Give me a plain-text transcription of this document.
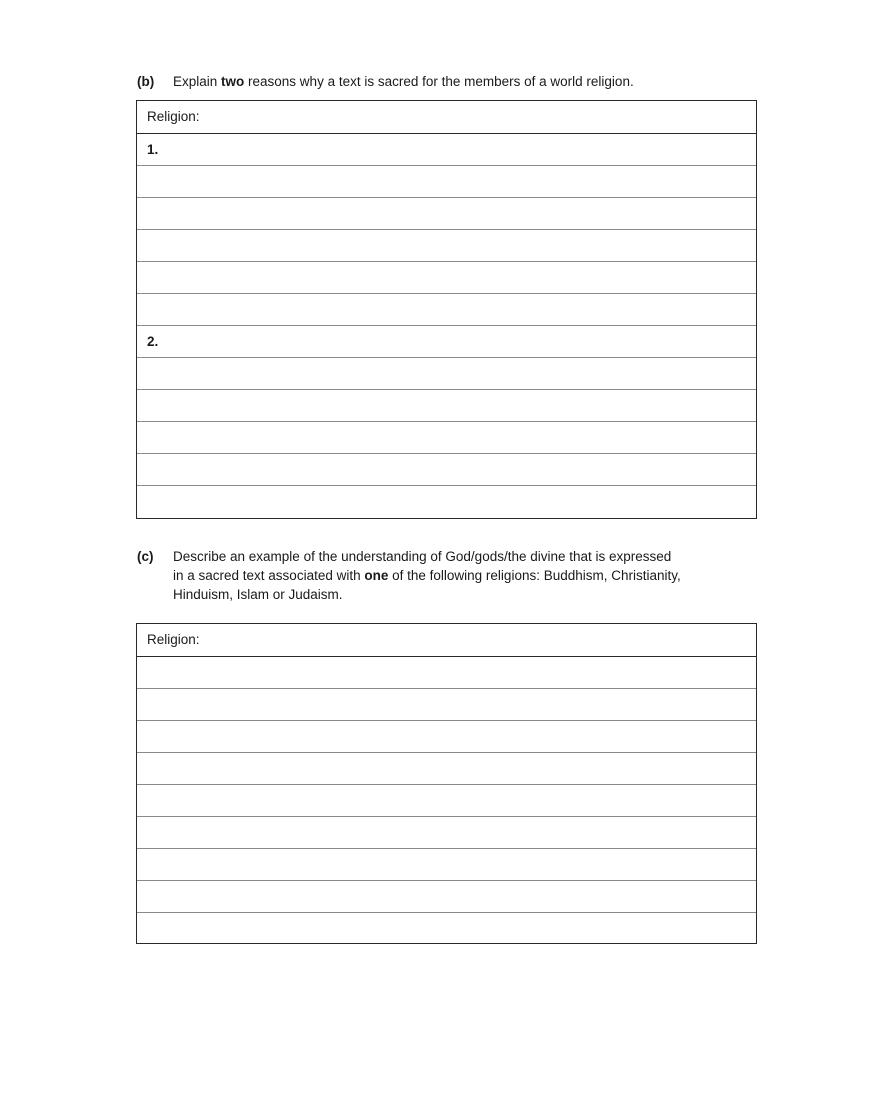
(b)	Explain two reasons why a text is sacred for the members of a world religion.
Religion:
1.
2.
(c)	Describe an example of the understanding of God/gods/the divine that is expressed
in a sacred text associated with one of the following religions: Buddhism, Christianity,
Hinduism, Islam or Judaism.
Religion:
